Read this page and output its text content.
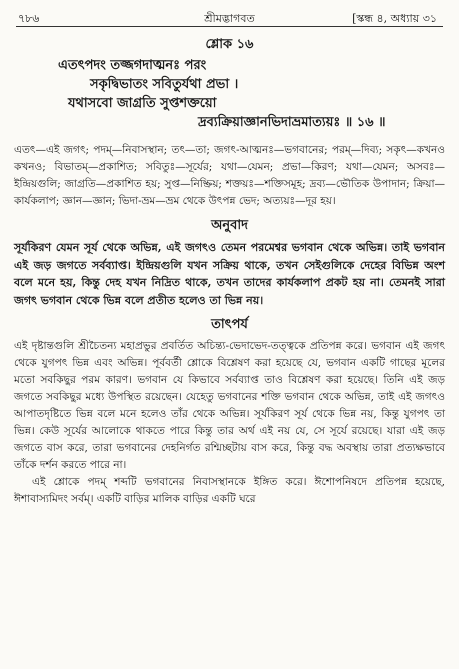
৭৮৬	শ্রীমদ্ভাগবত	[স্কন্ধ ৪, অধ্যায় ৩১
শ্লোক ১৬
এতৎপদং তজ্জগদাত্মনঃ পরং
সকৃদ্বিভাতং সবিতুর্যথা প্রভা ।
যথাসবো জাগ্রতি সুপ্তশক্তয়ো
দ্রব্যক্রিয়াজ্ঞানভিদাভ্রমাত্যয়ঃ ॥ ১৬ ॥
এতৎ—এই জগৎ; পদম্—নিবাসস্থান; তৎ—তা; জগৎ-আত্মনঃ—ভগবানের; পরম্—দিব্য; সকৃৎ—কখনও কখনও; বিভাতম্—প্রকাশিত; সবিতুঃ—সূর্যের; যথা—যেমন; প্রভা—কিরণ; যথা—যেমন; অসবঃ—ইন্দ্রিয়গুলি; জাগ্রতি—প্রকাশিত হয়; সুপ্ত—নিষ্ক্রিয়; শক্তয়ঃ—শক্তিসমূহ; দ্রব্য—ভৌতিক উপাদান; ক্রিয়া—কার্যকলাপ; জ্ঞান—জ্ঞান; ভিদা-ভ্রম—ভ্রম থেকে উৎপন্ন ভেদ; অত্যয়ঃ—দূর হয়।
অনুবাদ
সূর্যকিরণ যেমন সূর্য থেকে অভিন্ন, এই জগৎও তেমন পরমেশ্বর ভগবান থেকে অভিন্ন। তাই ভগবান এই জড় জগতে সর্বব্যাপ্ত। ইন্দ্রিয়গুলি যখন সক্রিয় থাকে, তখন সেইগুলিকে দেহের বিভিন্ন অংশ বলে মনে হয়, কিন্তু দেহ যখন নিদ্রিত থাকে, তখন তাদের কার্যকলাপ প্রকট হয় না। তেমনই সারা জগৎ ভগবান থেকে ভিন্ন বলে প্রতীত হলেও তা ভিন্ন নয়।
তাৎপর্য

এই দৃষ্টান্তগুলি শ্রীচৈতন্য মহাপ্রভুর প্রবর্তিত অচিন্ত্য-ভেদাভেদ-তত্ত্বকে প্রতিপন্ন করে। ভগবান এই জগৎ থেকে যুগপৎ ভিন্ন এবং অভিন্ন। পূর্ববর্তী শ্লোকে বিশ্লেষণ করা হয়েছে যে, ভগবান একটি গাছের মূলের মতো সবকিছুর পরম কারণ। ভগবান যে কিভাবে সর্বব্যাপ্ত তাও বিশ্লেষণ করা হয়েছে। তিনি এই জড় জগতে সবকিছুর মধ্যে উপস্থিত রয়েছেন। যেহেতু ভগবানের শক্তি ভগবান থেকে অভিন্ন, তাই এই জগৎও আপাতদৃষ্টিতে ভিন্ন বলে মনে হলেও তাঁর থেকে অভিন্ন। সূর্যকিরণ সূর্য থেকে ভিন্ন নয়, কিন্তু যুগপৎ তা ভিন্ন। কেউ সূর্যের আলোকে থাকতে পারে কিন্তু তার অর্থ এই নয় যে, সে সূর্যে রয়েছে। যারা এই জড় জগতে বাস করে, তারা ভগবানের দেহনির্গত রশ্মিচ্ছটায় বাস করে, কিন্তু বদ্ধ অবস্থায় তারা প্রত্যক্ষভাবে তাঁকে দর্শন করতে পারে না।

এই শ্লোকে পদম্ শব্দটি ভগবানের নিবাসস্থানকে ইঙ্গিত করে। ঈশোপনিষদে প্রতিপন্ন হয়েছে, ঈশাবাস্যমিদং সর্বম্। একটি বাড়ির মালিক বাড়ির একটি ঘরে
